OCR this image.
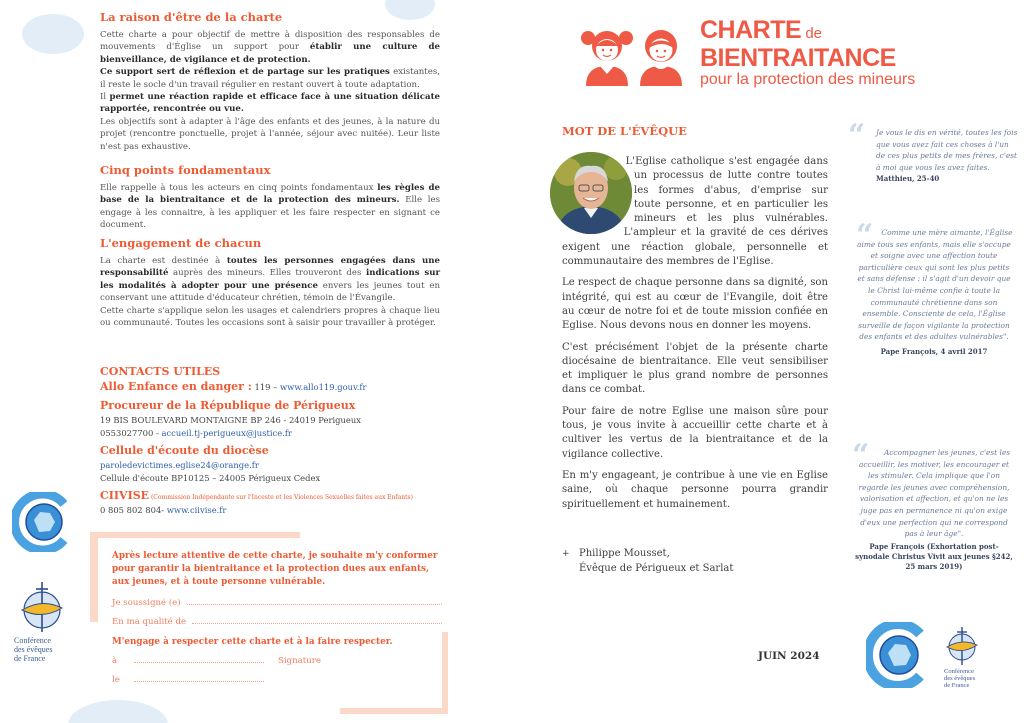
La raison d'être de la charte

Cette charte a pour objectif de mettre à disposition des responsables de mouvements d'Église un support pour établir une culture de bienveillance, de vigilance et de protection.

Ce support sert de réflexion et de partage sur les pratiques existantes, il reste le socle d'un travail régulier en restant ouvert à toute adaptation.

Il permet une réaction rapide et efficace face à une situation délicate rapportée, rencontrée ou vue.

Les objectifs sont à adapter à l'âge des enfants et des jeunes, à la nature du projet (rencontre ponctuelle, projet à l'année, séjour avec nuitée). Leur liste n'est pas exhaustive.

Cinq points fondamentaux

Elle rappelle à tous les acteurs en cinq points fondamentaux les règles de base de la bientraitance et de la protection des mineurs. Elle les engage à les connaitre, à les appliquer et les faire respecter en signant ce document.

L'engagement de chacun

La charte est destinée à toutes les personnes engagées dans une responsabilité auprès des mineurs. Elles trouveront des indications sur les modalités à adopter pour une présence envers les jeunes tout en conservant une attitude d'éducateur chrétien, témoin de l'Évangile.

Cette charte s'applique selon les usages et calendriers propres à chaque lieu ou communauté. Toutes les occasions sont à saisir pour travailler à protéger.

CONTACTS UTILES
Allo Enfance en danger : 119 – www.allo119.gouv.fr
Procureur de la République de Périgueux
19 BIS BOULEVARD MONTAIGNE BP 246 - 24019 Perigueux
0553027700 - accueil.tj-perigueux@justice.fr
Cellule d'écoute du diocèse
paroledevictimes.eglise24@orange.fr
Cellule d'écoute BP10125 – 24005 Périgueux Cedex
CIIVISE (Commission Indépendante sur l'Inceste et les Violences Sexuelles faites aux Enfants)
0 805 802 804- www.ciivise.fr
Après lecture attentive de cette charte, je souhaite m'y conformer pour garantir la bientraitance et la protection dues aux enfants, aux jeunes, et à toute personne vulnérable.
Je soussigné (e)
En ma qualité de
M'engage à respecter cette charte et à la faire respecter.
à	Signature
le
Conférence
des évêques
de France
CHARTE de
BIENTRAITANCE
pour la protection des mineurs
MOT DE L'ÉVÊQUE

L'Eglise catholique s'est engagée dans un processus de lutte contre toutes les formes d'abus, d'emprise sur toute personne, et en particulier les mineurs et les plus vulnérables. L'ampleur et la gravité de ces dérives exigent une réaction globale, personnelle et communautaire des membres de l'Eglise.

Le respect de chaque personne dans sa dignité, son intégrité, qui est au cœur de l'Evangile, doit être au cœur de notre foi et de toute mission confiée en Eglise. Nous devons nous en donner les moyens.

C'est précisément l'objet de la présente charte diocésaine de bientraitance. Elle veut sensibiliser et impliquer le plus grand nombre de personnes dans ce combat.

Pour faire de notre Eglise une maison sûre pour tous, je vous invite à accueillir cette charte et à cultiver les vertus de la bientraitance et de la vigilance collective.

En m'y engageant, je contribue à une vie en Eglise saine, où chaque personne pourra grandir spirituellement et humainement.

+ Philippe Mousset,
Évêque de Périgueux et Sarlat
JUIN 2024
“ Je vous le dis en vérité, toutes les fois que vous avez fait ces choses à l'un de ces plus petits de mes frères, c'est à moi que vous les avez faites.
Matthieu, 25-40
“	Comme une mère aimante, l'Église aime tous ses enfants, mais elle s'occupe et soigne avec une affection toute particulière ceux qui sont les plus petits et sans défense : il s'agit d'un devoir que le Christ lui-même confie à toute la communauté chrétienne dans son ensemble. Consciente de cela, l'Église surveille de façon vigilante la protection des enfants et des adultes vulnérables".
Pape François, 4 avril 2017
“	Accompagner les jeunes, c'est les accueillir, les motiver, les encourager et les stimuler. Cela implique que l'on regarde les jeunes avec compréhension, valorisation et affection, et qu'on ne les juge pas en permanence ni qu'on exige d'eux une perfection qui ne correspond pas à leur âge".
Pape François (Exhortation post-synodale Christus Vivit aux jeunes §242, 25 mars 2019)
Conférence
des évêques
de France
